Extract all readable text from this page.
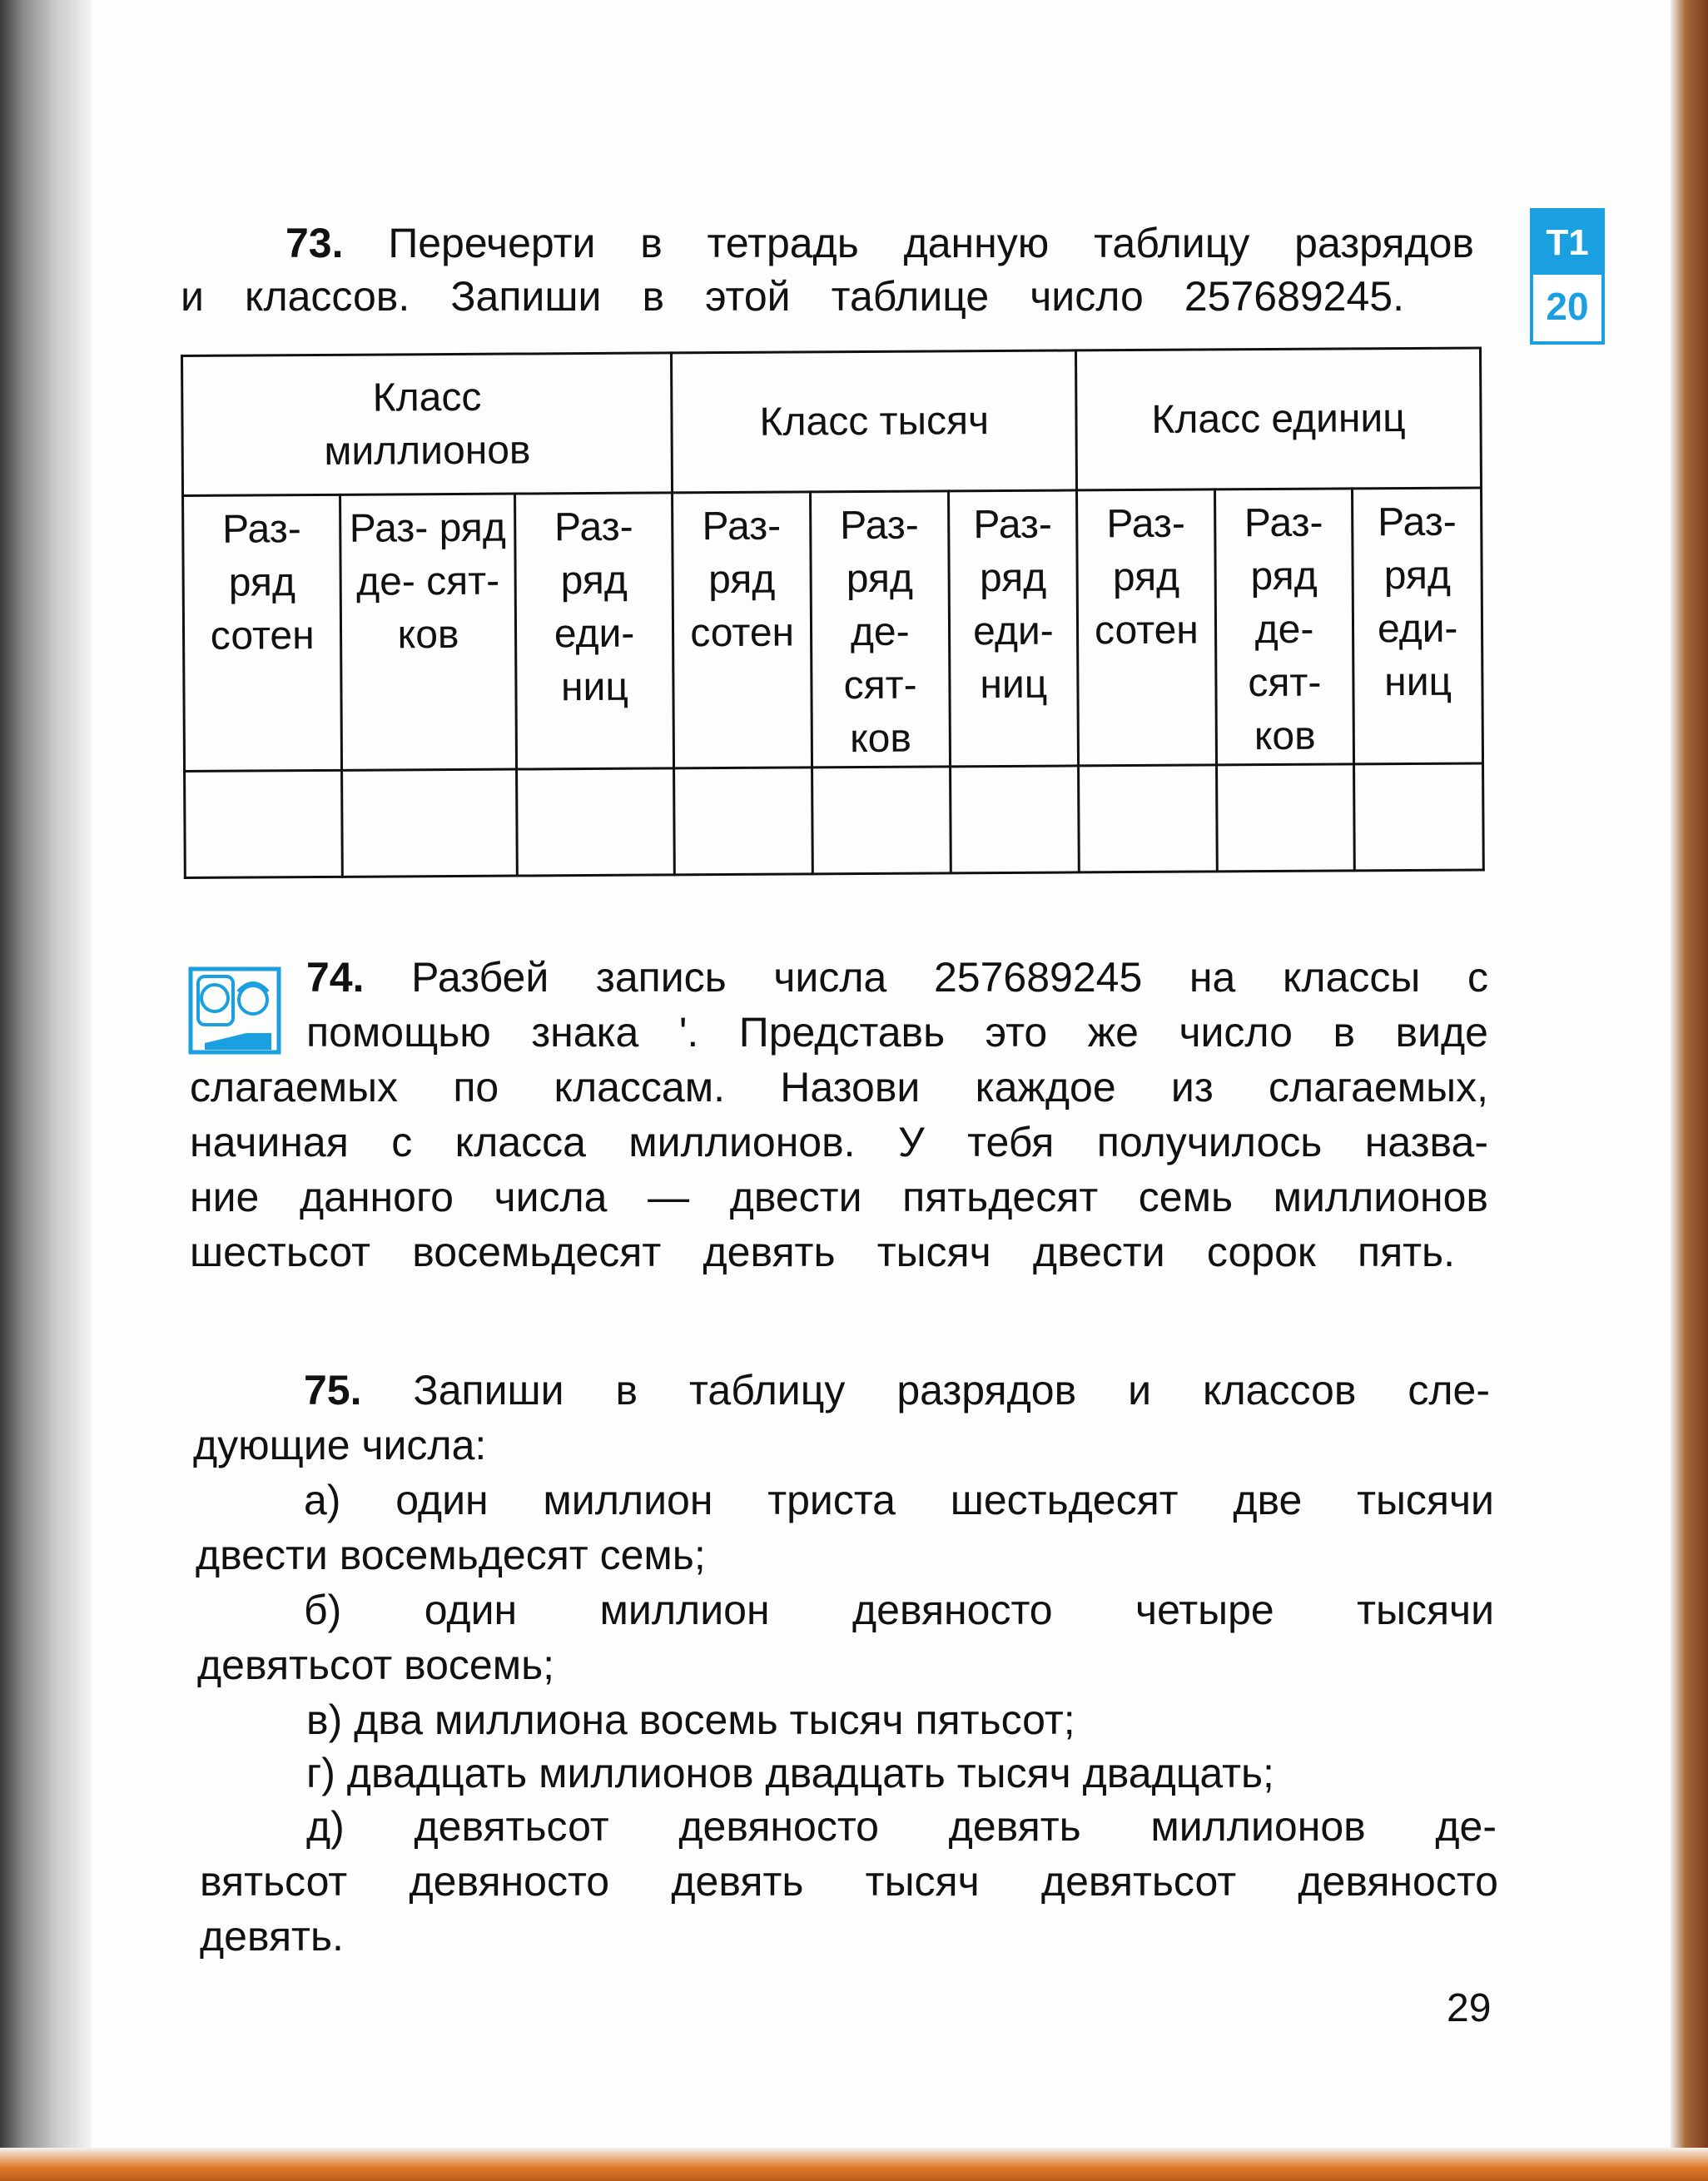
T1
20
73. Перечерти в тетрадь данную таблицу разрядов
и классов. Запиши в этой таблице число 257689245.
Класс миллионов			Класс тысяч			Класс единиц		
Раз- ряд сотен	Раз- ряд де- сят- ков	Раз- ряд еди- ниц	Раз- ряд сотен	Раз- ряд де- сят- ков	Раз- ряд еди- ниц	Раз- ряд сотен	Раз- ряд де- сят- ков	Раз- ряд еди- ниц

74. Разбей запись числа 257689245 на классы с
помощью знака ʹ. Представь это же число в виде
слагаемых по классам. Назови каждое из слагаемых,
начиная с класса миллионов. У тебя получилось назва-
ние данного числа — двести пятьдесят семь миллионов
шестьсот восемьдесят девять тысяч двести сорок пять.
75. Запиши в таблицу разрядов и классов сле-
дующие числа:
а) один миллион триста шестьдесят две тысячи
двести восемьдесят семь;
б) один миллион девяносто четыре тысячи
девятьсот восемь;
в) два миллиона восемь тысяч пятьсот;
г) двадцать миллионов двадцать тысяч двадцать;
д) девятьсот девяносто девять миллионов де-
вятьсот девяносто девять тысяч девятьсот девяносто
девять.
29
